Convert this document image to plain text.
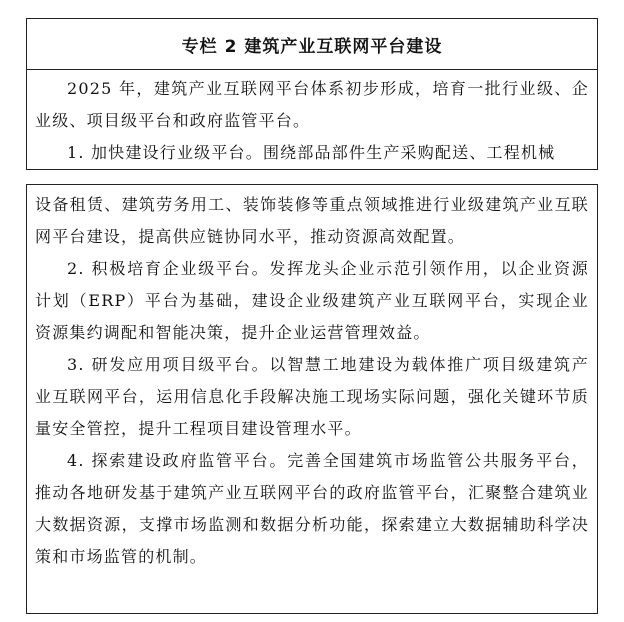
专栏 2 建筑产业互联网平台建设

2025 年，建筑产业互联网平台体系初步形成，培育一批行业级、企业级、项目级平台和政府监管平台。

1. 加快建设行业级平台。围绕部品部件生产采购配送、工程机械

设备租赁、建筑劳务用工、装饰装修等重点领域推进行业级建筑产业互联网平台建设，提高供应链协同水平，推动资源高效配置。

2. 积极培育企业级平台。发挥龙头企业示范引领作用，以企业资源计划（ERP）平台为基础，建设企业级建筑产业互联网平台，实现企业资源集约调配和智能决策，提升企业运营管理效益。

3. 研发应用项目级平台。以智慧工地建设为载体推广项目级建筑产业互联网平台，运用信息化手段解决施工现场实际问题，强化关键环节质量安全管控，提升工程项目建设管理水平。

4. 探索建设政府监管平台。完善全国建筑市场监管公共服务平台，推动各地研发基于建筑产业互联网平台的政府监管平台，汇聚整合建筑业大数据资源，支撑市场监测和数据分析功能，探索建立大数据辅助科学决策和市场监管的机制。
